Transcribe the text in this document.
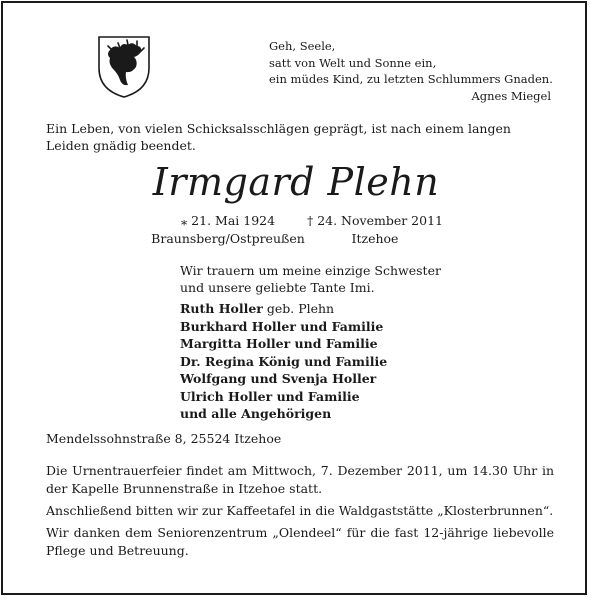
Geh, Seele,
satt von Welt und Sonne ein,
ein müdes Kind, zu letzten Schlummers Gnaden.
Agnes Miegel
Ein Leben, von vielen Schicksalsschlägen geprägt, ist nach einem langen Leiden gnädig beendet.
Irmgard Plehn
⁎ 21. Mai 1924
Braunsberg/Ostpreußen
† 24. November 2011
Itzehoe
Wir trauern um meine einzige Schwester
und unsere geliebte Tante Imi.
Ruth Holler geb. Plehn
Burkhard Holler und Familie
Margitta Holler und Familie
Dr. Regina König und Familie
Wolfgang und Svenja Holler
Ulrich Holler und Familie
und alle Angehörigen
Mendelssohnstraße 8, 25524 Itzehoe
Die Urnentrauerfeier findet am Mittwoch, 7. Dezember 2011, um 14.30 Uhr in der Kapelle Brunnenstraße in Itzehoe statt.
Anschließend bitten wir zur Kaffeetafel in die Waldgaststätte „Klosterbrunnen“.
Wir danken dem Seniorenzentrum „Olendeel“ für die fast 12-jährige liebevolle Pflege und Betreuung.
